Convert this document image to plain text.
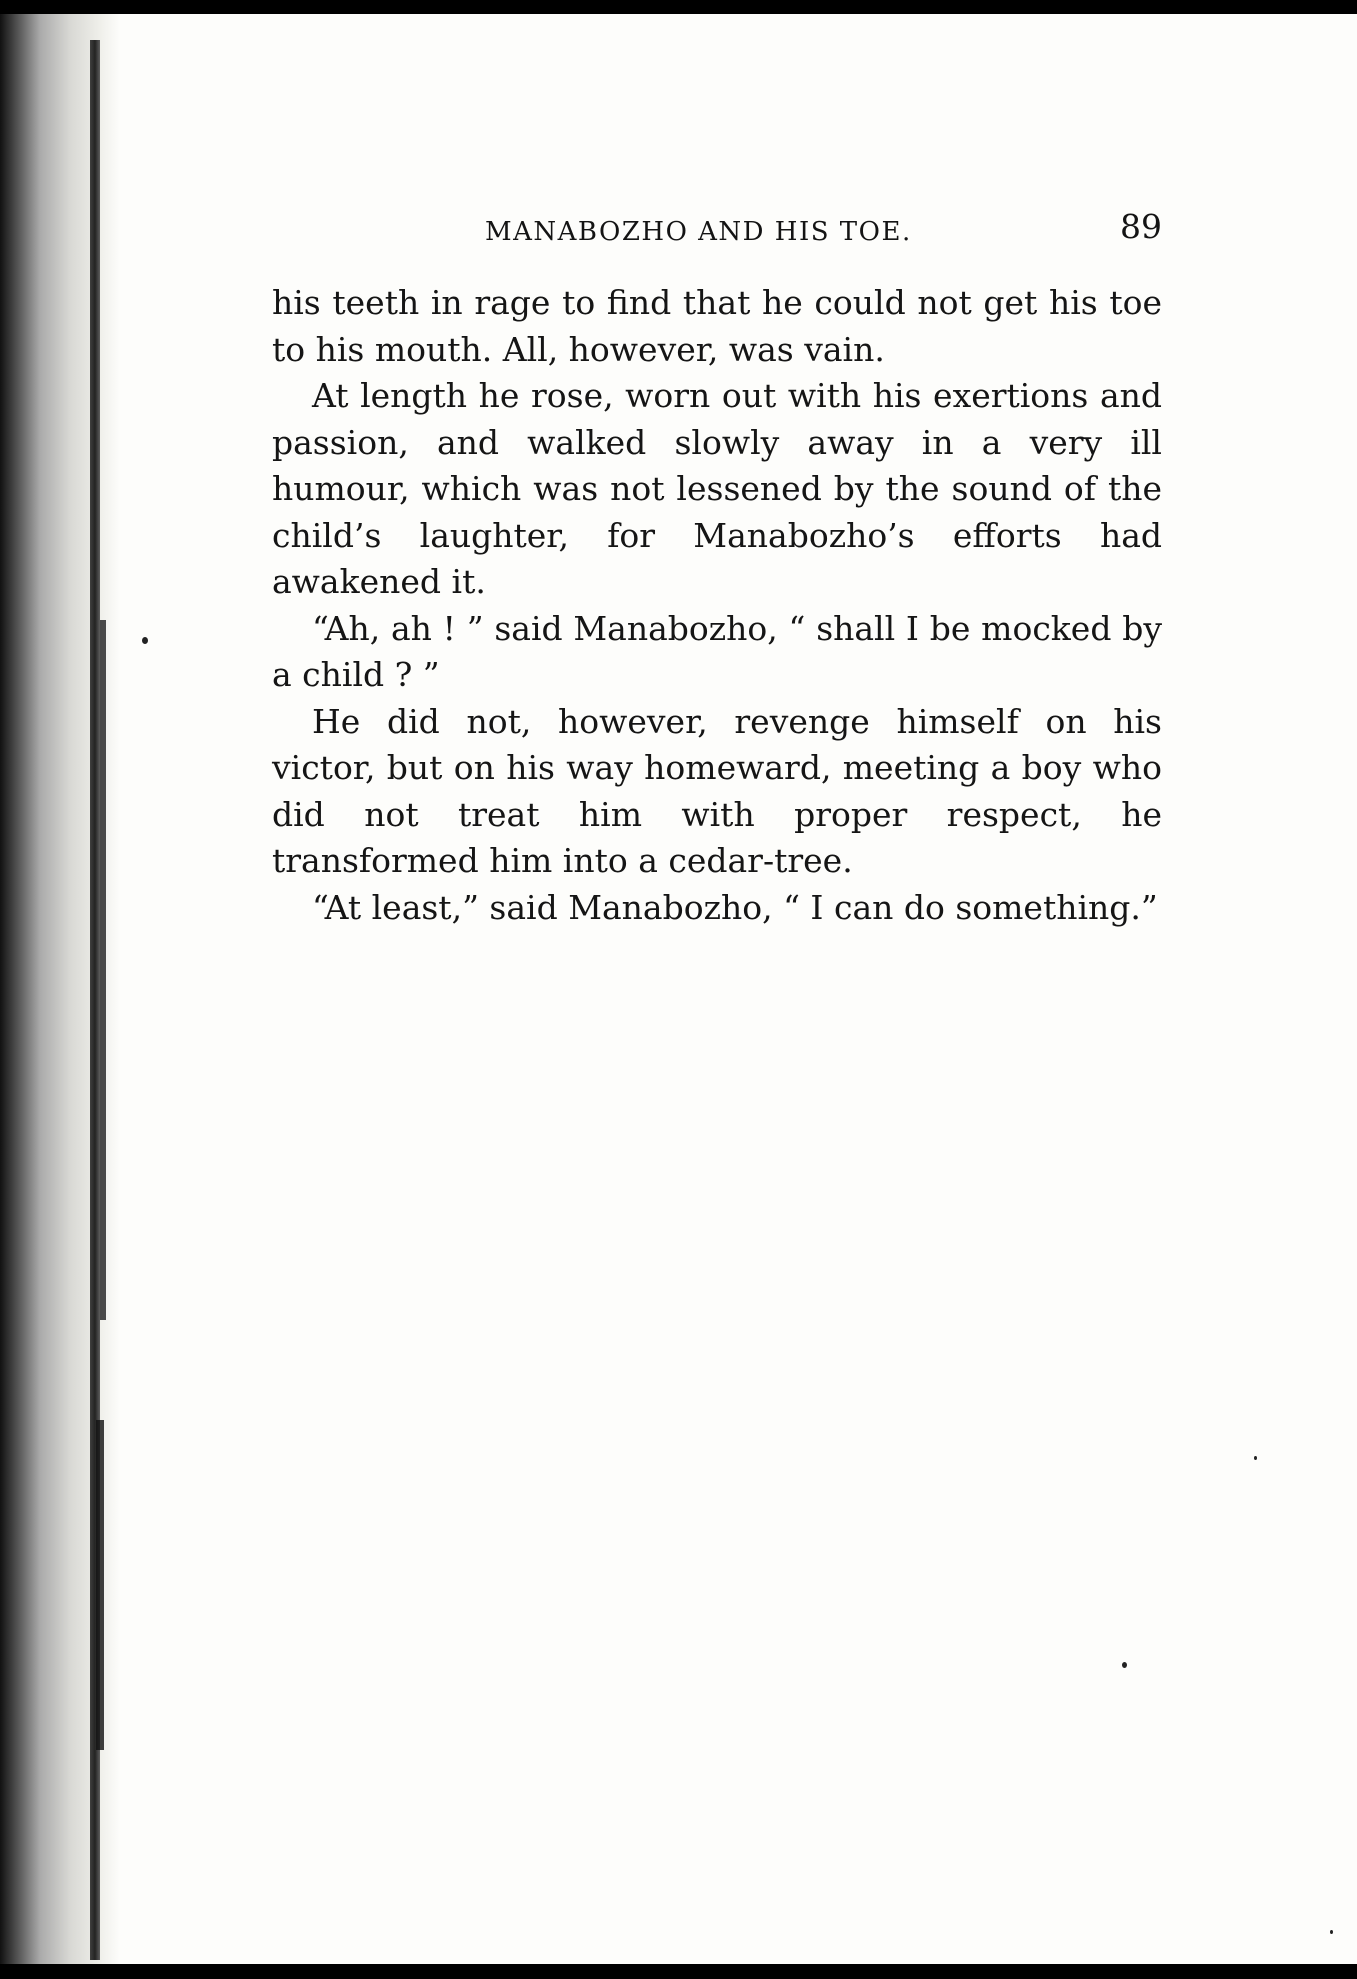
MANABOZHO AND HIS TOE.	89

his teeth in rage to find that he could not get his toe to his mouth. All, however, was vain.

At length he rose, worn out with his exertions and passion, and walked slowly away in a very ill humour, which was not lessened by the sound of the child’s laughter, for Manabozho’s efforts had awakened it.

“Ah, ah ! ” said Manabozho, “ shall I be mocked by a child ? ”

He did not, however, revenge himself on his victor, but on his way homeward, meeting a boy who did not treat him with proper respect, he transformed him into a cedar-tree.

“At least,” said Manabozho, “ I can do something.”
